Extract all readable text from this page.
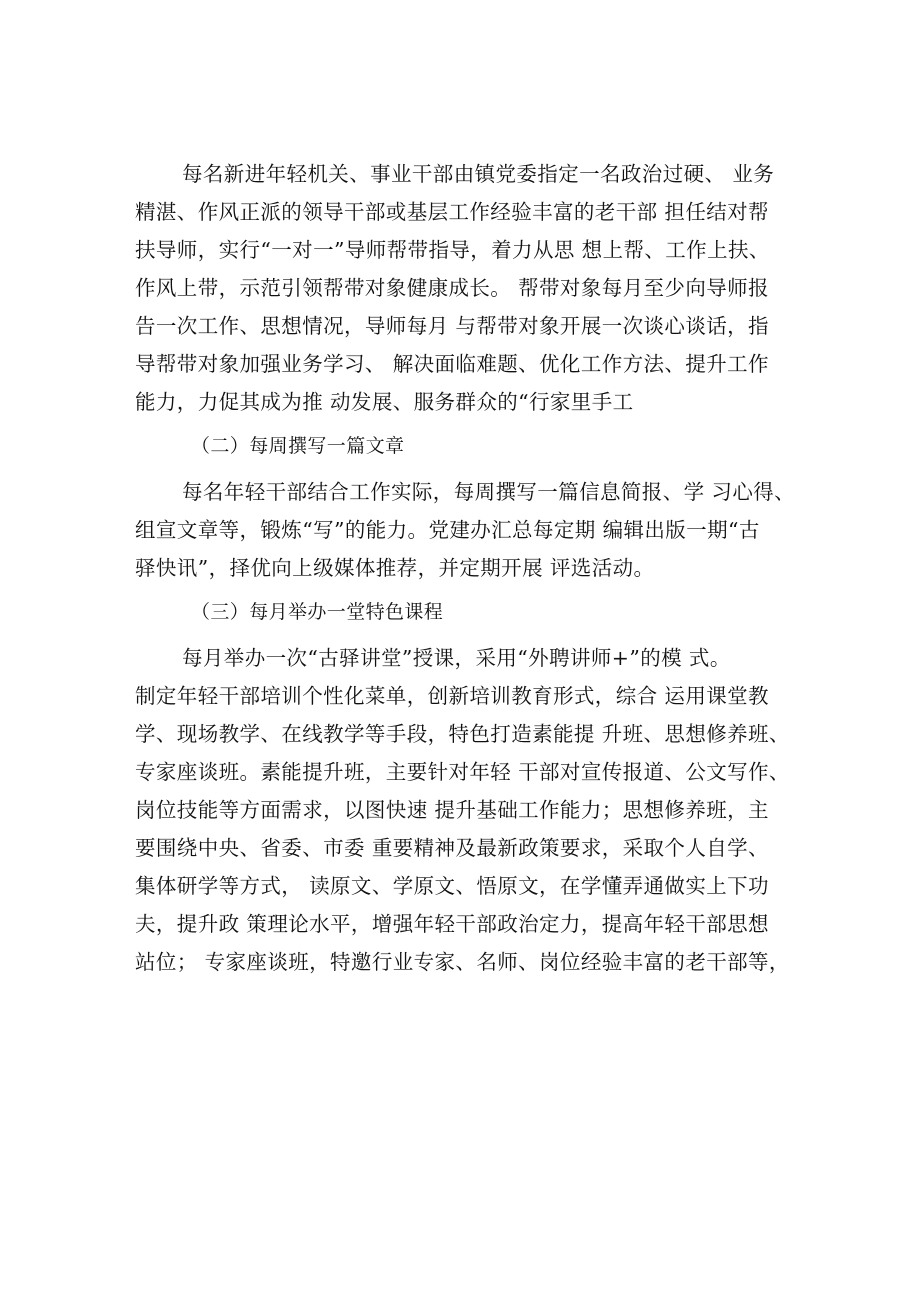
每名新进年轻机关、事业干部由镇党委指定一名政治过硬、 业务
精湛、作风正派的领导干部或基层工作经验丰富的老干部 担任结对帮
扶导师，实行“一对一”导师帮带指导，着力从思 想上帮、工作上扶、
作风上带，示范引领帮带对象健康成长。 帮带对象每月至少向导师报
告一次工作、思想情况，导师每月 与帮带对象开展一次谈心谈话，指
导帮带对象加强业务学习、 解决面临难题、优化工作方法、提升工作
能力，力促其成为推 动发展、服务群众的“行家里手工
（二）每周撰写一篇文章
每名年轻干部结合工作实际，每周撰写一篇信息简报、学 习心得、
组宣文章等，锻炼“写”的能力。党建办汇总每定期 编辑出版一期“古
驿快讯”，择优向上级媒体推荐，并定期开展 评选活动。
（三）每月举办一堂特色课程
每月举办一次“古驿讲堂”授课，采用“外聘讲师+”的模 式。
制定年轻干部培训个性化菜单，创新培训教育形式，综合 运用课堂教
学、现场教学、在线教学等手段，特色打造素能提 升班、思想修养班、
专家座谈班。素能提升班，主要针对年轻 干部对宣传报道、公文写作、
岗位技能等方面需求，以图快速 提升基础工作能力；思想修养班，主
要围绕中央、省委、市委 重要精神及最新政策要求，采取个人自学、
集体研学等方式， 读原文、学原文、悟原文，在学懂弄通做实上下功
夫，提升政 策理论水平，增强年轻干部政治定力，提高年轻干部思想
站位； 专家座谈班，特邀行业专家、名师、岗位经验丰富的老干部等，
